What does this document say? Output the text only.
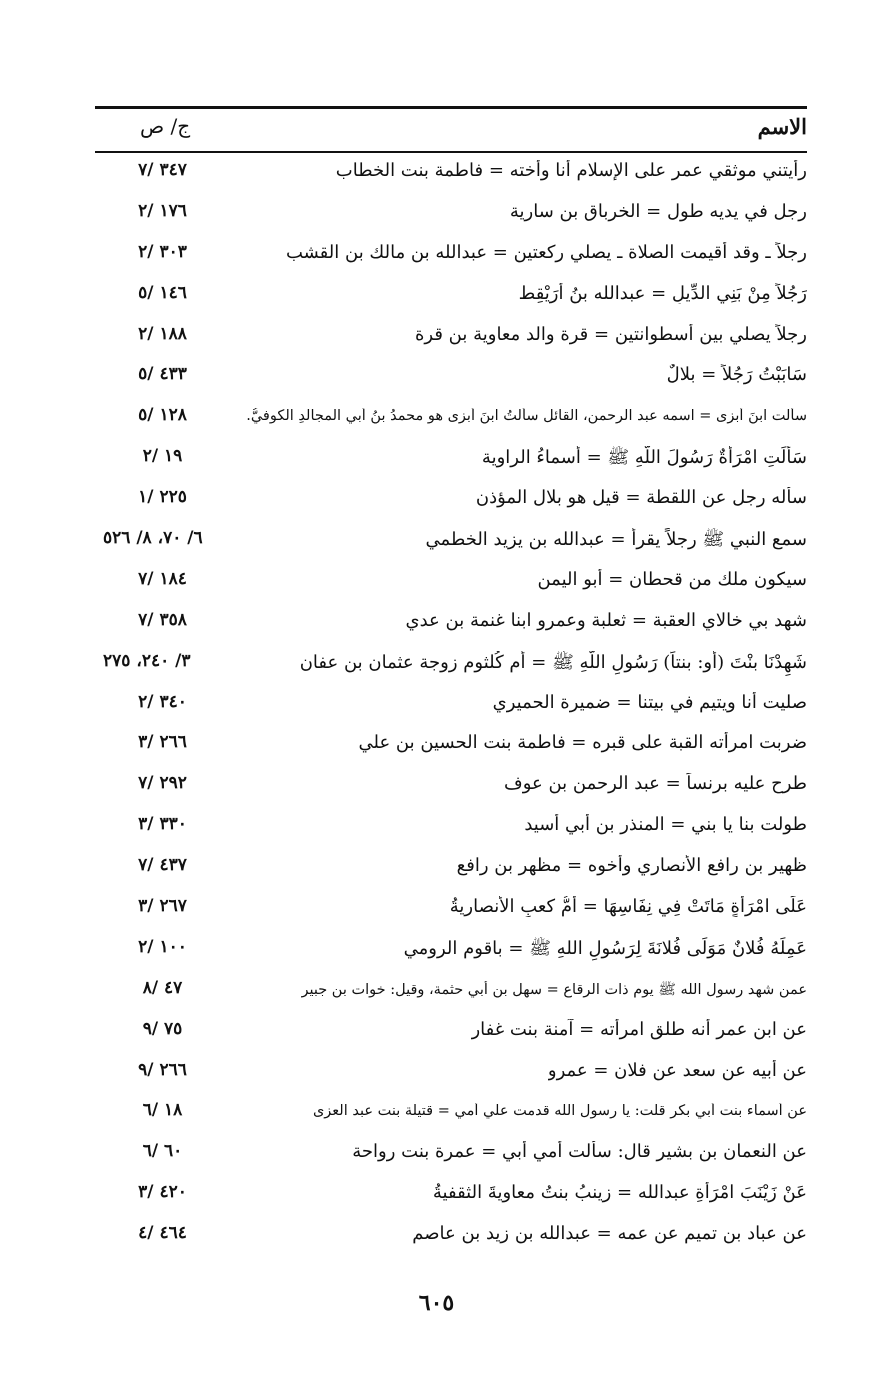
الاسم
ج/ ص
رأيتني موثقي عمر على الإسلام أنا وأخته = فاطمة بنت الخطاب
٣٤٧ /٧
رجل في يديه طول = الخرباق بن سارية
١٧٦ /٢
رجلاً ـ وقد أقيمت الصلاة ـ يصلي ركعتين = عبدالله بن مالك بن القشب
٣٠٣ /٢
رَجُلاً مِنْ بَنِي الدِّيلِ = عبدالله بنُ أُرَيْقِط
١٤٦ /٥
رجلاً يصلي بين أسطوانتين = قرة والد معاوية بن قرة
١٨٨ /٢
سَابَبْتُ رَجُلاً = بلالٌ
٤٣٣ /٥
سألت ابنَ أبزى = اسمه عبد الرحمن، القائل سألتُ ابنَ أبزى هو محمدُ بنُ أبي المجالدِ الكوفيُّ.
١٢٨ /٥
سَأَلَتِ امْرَأَةٌ رَسُولَ اللَّهِ ﷺ = أسماءُ الراوية
١٩ /٢
سأله رجل عن اللقطة = قيل هو بلال المؤذن
٢٢٥ /١
سمع النبي ﷺ رجلاً يقرأ = عبدالله بن يزيد الخطمي
٦/ ٧٠، ٨/ ٥٢٦
سيكون ملك من قحطان = أبو اليمن
١٨٤ /٧
شهد بي خالاي العقبة = ثعلبة وعمرو ابنا غنمة بن عدي
٣٥٨ /٧
شَهِدْنَا بنْتَ (أو: بنتاً) رَسُولِ اللَّهِ ﷺ = أم كُلثوم زوجة عثمان بن عفان
٣/ ٢٤٠، ٢٧٥
صليت أنا ويتيم في بيتنا = ضميرة الحميري
٣٤٠ /٢
ضربت امرأته القبة على قبره = فاطمة بنت الحسين بن علي
٢٦٦ /٣
طرح عليه برنساً = عبد الرحمن بن عوف
٢٩٢ /٧
طولت بنا يا بني = المنذر بن أبي أسيد
٣٣٠ /٣
ظهير بن رافع الأنصاري وأخوه = مظهر بن رافع
٤٣٧ /٧
عَلَى امْرَأَةٍ مَاتَتْ فِي نِفَاسِهَا = أُمُّ كعبٍ الأنصاريةُ
٢٦٧ /٣
عَمِلَهُ فُلانٌ مَوَلَى فُلانَةَ لِرَسُولِ اللهِ ﷺ = باقوم الرومي
١٠٠ /٢
عمن شهد رسول الله ﷺ يوم ذات الرقاع = سهل بن أبي حثمة، وقيل: خوات بن جبير
٤٧ /٨
عن ابن عمر أنه طلق امرأته = آمنة بنت غفار
٧٥ /٩
عن أبيه عن سعد عن فلان = عمرو
٢٦٦ /٩
عن أسماء بنت أبي بكر قلت: يا رسول الله قدمت علي أمي = قتيلة بنت عبد العزى
١٨ /٦
عن النعمان بن بشير قال: سألت أمي أبي = عمرة بنت رواحة
٦٠ /٦
عَنْ زَيْنَبَ امْرَأَةِ عبدالله = زينبُ بنتُ معاويةَ الثقفيةُ
٤٢٠ /٣
عن عباد بن تميم عن عمه = عبدالله بن زيد بن عاصم
٤٦٤ /٤
٦٠٥
